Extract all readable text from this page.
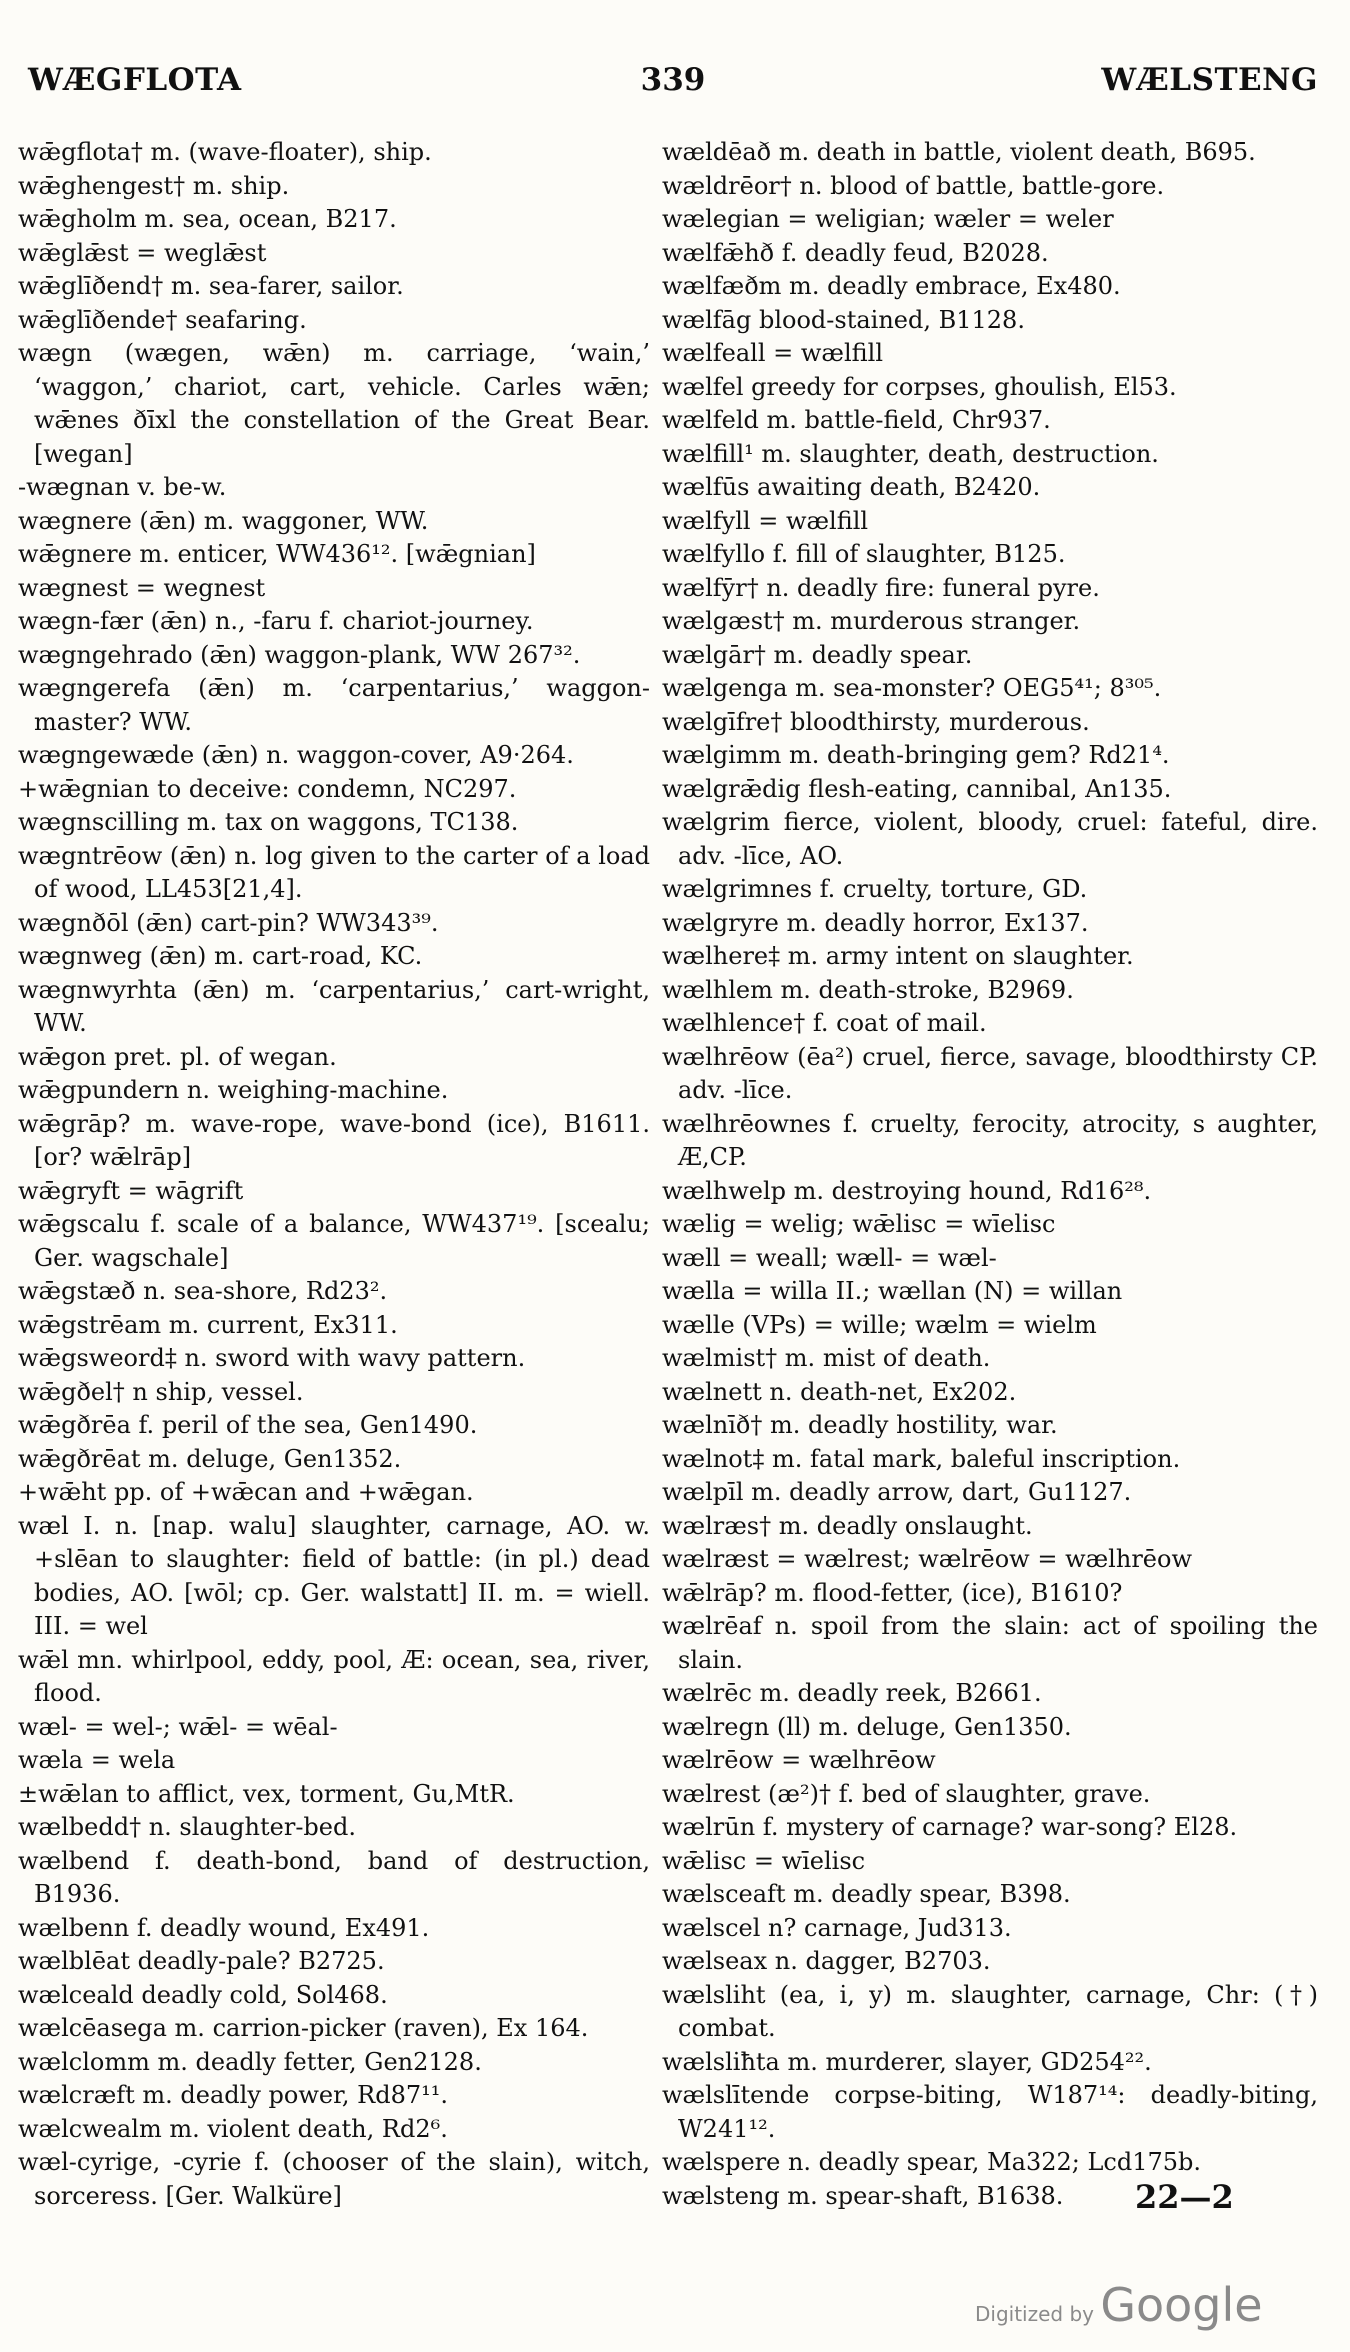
339
WÆGFLOTA	WÆLSTENG

wǣgflota† m. (wave-floater), ship.

wǣghengest† m. ship.

wǣgholm m. sea, ocean, B217.

wǣglǣst = weglǣst

wǣglīðend† m. sea-farer, sailor.

wǣglīðende† seafaring.

wægn (wægen, wǣn) m. carriage, ‘wain,’ ‘waggon,’ chariot, cart, vehicle. Carles wǣn; wǣnes ðīxl the constellation of the Great Bear. [wegan]

-wægnan v. be-w.

wægnere (ǣn) m. waggoner, WW.

wǣgnere m. enticer, WW436¹². [wǣgnian]

wægnest = wegnest

wægn-fær (ǣn) n., -faru f. chariot-journey.

wægngehrado (ǣn) waggon-plank, WW 267³².

wægngerefa (ǣn) m. ‘carpentarius,’ waggon-master? WW.

wægngewæde (ǣn) n. waggon-cover, A9·264.

+wǣgnian to deceive: condemn, NC297.

wægnscilling m. tax on waggons, TC138.

wægntrēow (ǣn) n. log given to the carter of a load of wood, LL453[21,4].

wægnðōl (ǣn) cart-pin? WW343³⁹.

wægnweg (ǣn) m. cart-road, KC.

wægnwyrhta (ǣn) m. ‘carpentarius,’ cart-wright, WW.

wǣgon pret. pl. of wegan.

wǣgpundern n. weighing-machine.

wǣgrāp? m. wave-rope, wave-bond (ice), B1611. [or? wǣlrāp]

wǣgryft = wāgrift

wǣgscalu f. scale of a balance, WW437¹⁹. [scealu; Ger. wagschale]

wǣgstæð n. sea-shore, Rd23².

wǣgstrēam m. current, Ex311.

wǣgsweord‡ n. sword with wavy pattern.

wǣgðel† n ship, vessel.

wǣgðrēa f. peril of the sea, Gen1490.

wǣgðrēat m. deluge, Gen1352.

+wǣht pp. of +wǣcan and +wǣgan.

wæl I. n. [nap. walu] slaughter, carnage, AO. w. +slēan to slaughter: field of battle: (in pl.) dead bodies, AO. [wōl; cp. Ger. walstatt] II. m. = wiell. III. = wel

wǣl mn. whirlpool, eddy, pool, Æ: ocean, sea, river, flood.

wæl- = wel-; wǣl- = wēal-

wæla = wela

±wǣlan to afflict, vex, torment, Gu,MtR.

wælbedd† n. slaughter-bed.

wælbend f. death-bond, band of destruction, B1936.

wælbenn f. deadly wound, Ex491.

wælblēat deadly-pale? B2725.

wælceald deadly cold, Sol468.

wælcēasega m. carrion-picker (raven), Ex 164.

wælclomm m. deadly fetter, Gen2128.

wælcræft m. deadly power, Rd87¹¹.

wælcwealm m. violent death, Rd2⁶.

wæl-cyrige, -cyrie f. (chooser of the slain), witch, sorceress. [Ger. Walküre]

wældēað m. death in battle, violent death, B695.

wældrēor† n. blood of battle, battle-gore.

wælegian = weligian; wæler = weler

wælfǣhð f. deadly feud, B2028.

wælfæðm m. deadly embrace, Ex480.

wælfāg blood-stained, B1128.

wælfeall = wælfill

wælfel greedy for corpses, ghoulish, El53.

wælfeld m. battle-field, Chr937.

wælfill¹ m. slaughter, death, destruction.

wælfūs awaiting death, B2420.

wælfyll = wælfill

wælfyllo f. fill of slaughter, B125.

wælfȳr† n. deadly fire: funeral pyre.

wælgæst† m. murderous stranger.

wælgār† m. deadly spear.

wælgenga m. sea-monster? OEG5⁴¹; 8³⁰⁵.

wælgīfre† bloodthirsty, murderous.

wælgimm m. death-bringing gem? Rd21⁴.

wælgrǣdig flesh-eating, cannibal, An135.

wælgrim fierce, violent, bloody, cruel: fateful, dire. adv. -līce, AO.

wælgrimnes f. cruelty, torture, GD.

wælgryre m. deadly horror, Ex137.

wælhere‡ m. army intent on slaughter.

wælhlem m. death-stroke, B2969.

wælhlence† f. coat of mail.

wælhrēow (ēa²) cruel, fierce, savage, bloodthirsty CP. adv. -līce.

wælhrēownes f. cruelty, ferocity, atrocity, s aughter, Æ,CP.

wælhwelp m. destroying hound, Rd16²⁸.

wælig = welig; wǣlisc = wīelisc

wæll = weall; wæll- = wæl-

wælla = willa II.; wællan (N) = willan

wælle (VPs) = wille; wælm = wielm

wælmist† m. mist of death.

wælnett n. death-net, Ex202.

wælnīð† m. deadly hostility, war.

wælnot‡ m. fatal mark, baleful inscription.

wælpīl m. deadly arrow, dart, Gu1127.

wælræs† m. deadly onslaught.

wælræst = wælrest; wælrēow = wælhrēow

wǣlrāp? m. flood-fetter, (ice), B1610?

wælrēaf n. spoil from the slain: act of spoiling the slain.

wælrēc m. deadly reek, B2661.

wælregn (ll) m. deluge, Gen1350.

wælrēow = wælhrēow

wælrest (æ²)† f. bed of slaughter, grave.

wælrūn f. mystery of carnage? war-song? El28.

wǣlisc = wīelisc

wælsceaft m. deadly spear, B398.

wælscel n? carnage, Jud313.

wælseax n. dagger, B2703.

wælsliht (ea, i, y) m. slaughter, carnage, Chr: (†) combat.

wælsliħta m. murderer, slayer, GD254²².

wælslītende corpse-biting, W187¹⁴: deadly-biting, W241¹².

wælspere n. deadly spear, Ma322; Lcd175b.

wælsteng m. spear-shaft, B1638.	22—2
Digitized by Google
